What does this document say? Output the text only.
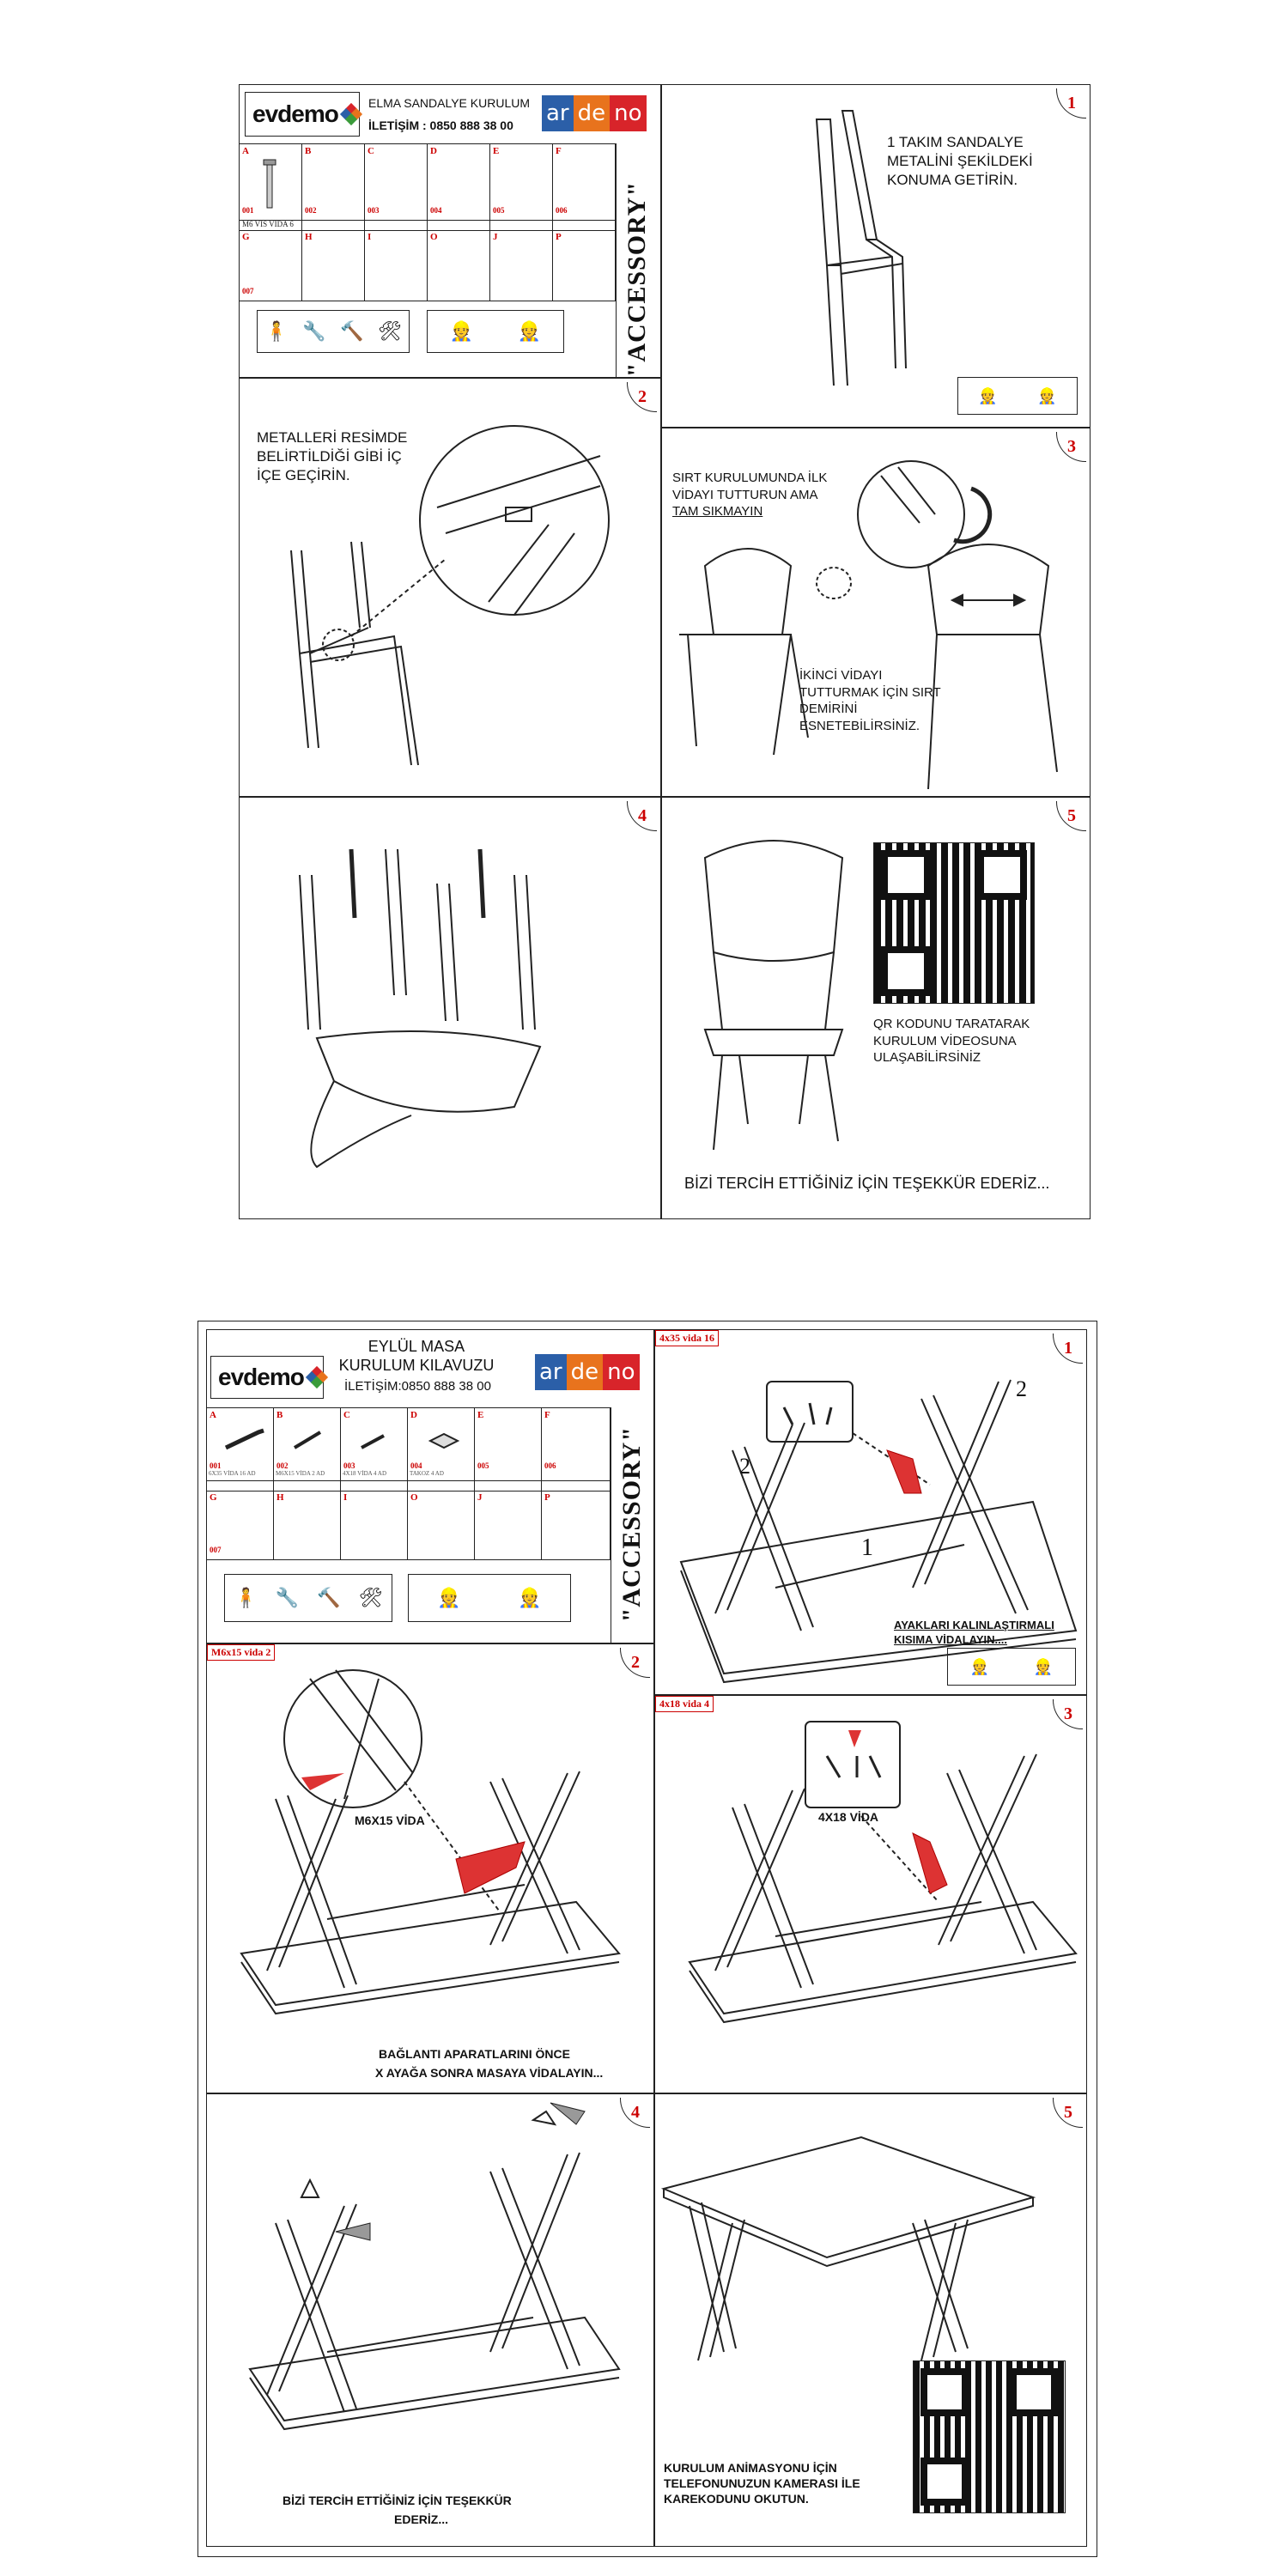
evdemo	ELMA SANDALYE KURULUM
İLETİŞİM : 0850 888 38 00 ar de no
A	B	C	D	E	F
001	002	003	004	005	006
M6 VİS VİDA 6
G	H	I	O	J	P
007
🧍 🔧 🔨 🛠	👷 👷	"ACCESSORY"
1
1 TAKIM SANDALYE METALİNİ ŞEKİLDEKİ KONUMA GETİRİN.
👷	👷
2
METALLERİ RESİMDE BELİRTİLDİĞİ GİBİ İÇ İÇE GEÇİRİN.
3
SIRT KURULUMUNDA İLK VİDAYI TUTTURUN AMA TAM SIKMAYIN
İKİNCİ VİDAYI TUTTURMAK İÇİN SIRT DEMİRİNİ ESNETEBİLİRSİNİZ.
4	5
QR KODUNU TARATARAK KURULUM VİDEOSUNA ULAŞABİLİRSİNİZ
BİZİ TERCİH ETTİĞİNİZ İÇİN TEŞEKKÜR EDERİZ...
evdemo
EYLÜL MASA
KURULUM KILAVUZU
İLETİŞİM:0850 888 38 00
ar de no
A	B	C	D	E	F
001	002	003	004	005	006
6X35 VİDA 16 AD	M6X15 VİDA 2 AD	4X18 VİDA 4 AD	TAKOZ 4 AD
G	H	I	O	J	P
007
🧍 🔧 🔨 🛠	👷	👷	"ACCESSORY"
1
4x35 vida 16
1
2
2
AYAKLARI KALINLAŞTIRMALI KISIMA VİDALAYIN....
👷	👷
2
M6x15 vida 2
M6X15 VİDA
BAĞLANTI APARATLARINI ÖNCE
X AYAĞA SONRA MASAYA VİDALAYIN...
3
4x18 vida 4
4X18 VİDA
4
BİZİ TERCİH ETTİĞİNİZ İÇİN TEŞEKKÜR
EDERİZ...
5
KURULUM ANİMASYONU İÇİN TELEFONUNUZUN KAMERASI İLE KAREKODUNU OKUTUN.
